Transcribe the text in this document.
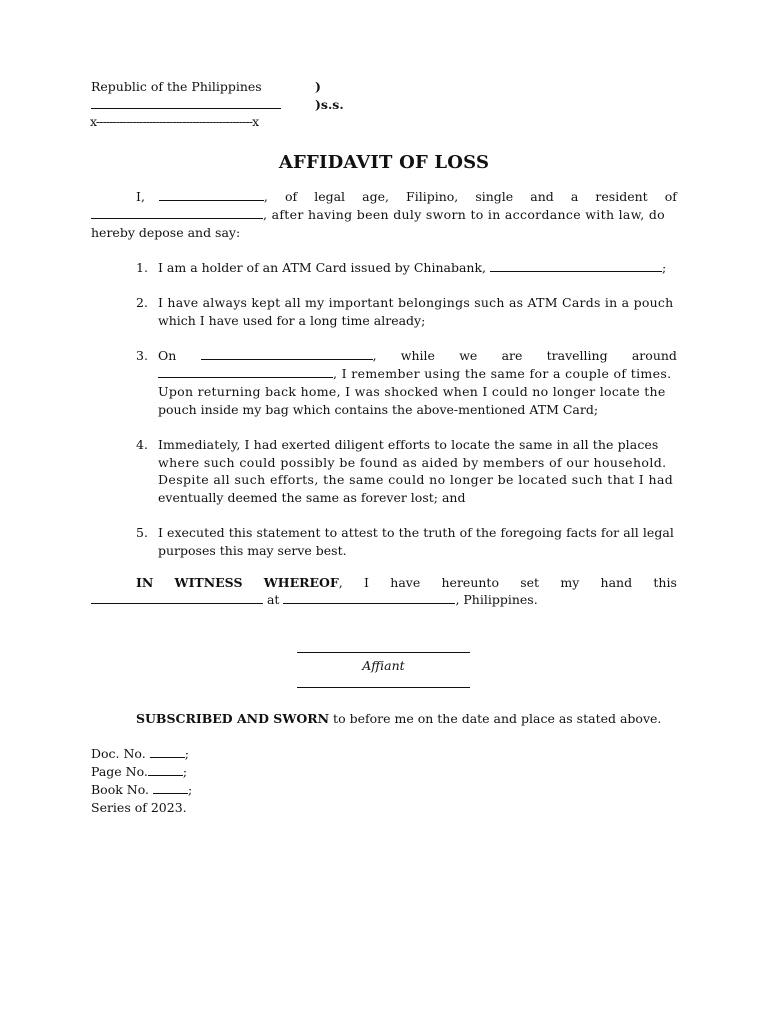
Republic of the Philippines	)
)s.s.
x-----------------------------------------------x
AFFIDAVIT OF LOSS
I,	, of legal age, Filipino, single and a resident of
, after having been duly sworn to in accordance with law, do
hereby depose and say:
1. I am a holder of an ATM Card issued by Chinabank,	;
2. I have always kept all my important belongings such as ATM Cards in a pouch
which I have used for a long time already;
3. On	, while we are travelling around
, I remember using the same for a couple of times.
Upon returning back home, I was shocked when I could no longer locate the
pouch inside my bag which contains the above-mentioned ATM Card;
4. Immediately, I had exerted diligent efforts to locate the same in all the places
where such could possibly be found as aided by members of our household.
Despite all such efforts, the same could no longer be located such that I had
eventually deemed the same as forever lost; and
5. I executed this statement to attest to the truth of the foregoing facts for all legal
purposes this may serve best.
IN WITNESS WHEREOF, I have hereunto set my hand this
at	, Philippines.
Affiant
SUBSCRIBED AND SWORN to before me on the date and place as stated above.
Doc. No.	;
Page No.	;
Book No.	;
Series of 2023.
